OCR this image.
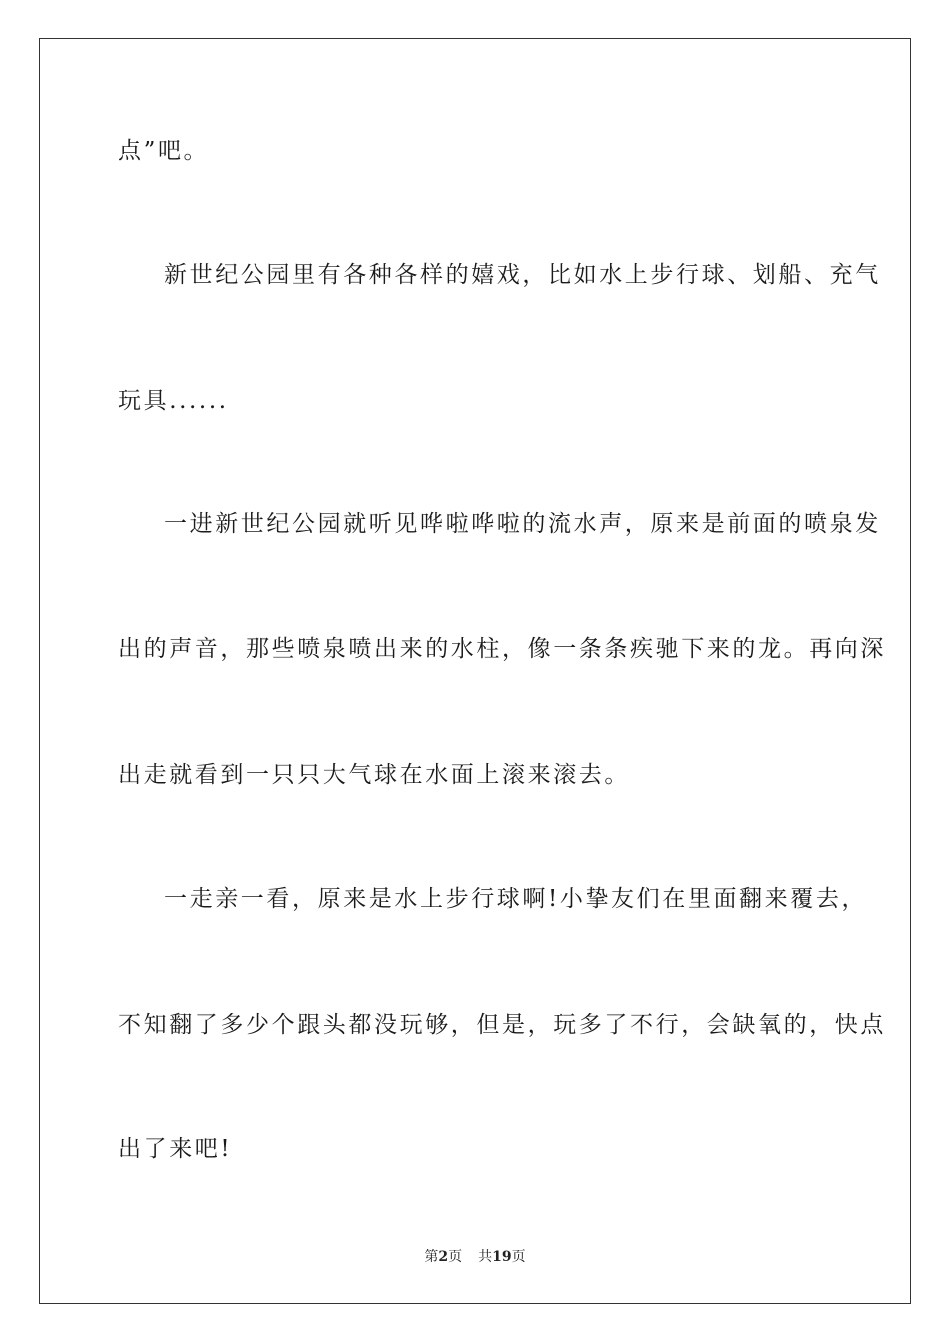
点”吧。
新世纪公园里有各种各样的嬉戏，比如水上步行球、划船、充气
玩具......
一进新世纪公园就听见哗啦哗啦的流水声，原来是前面的喷泉发
出的声音，那些喷泉喷出来的水柱，像一条条疾驰下来的龙。再向深
出走就看到一只只大气球在水面上滚来滚去。
一走亲一看，原来是水上步行球啊!小挚友们在里面翻来覆去，
不知翻了多少个跟头都没玩够，但是，玩多了不行，会缺氧的，快点
出了来吧!
第2页 共19页
